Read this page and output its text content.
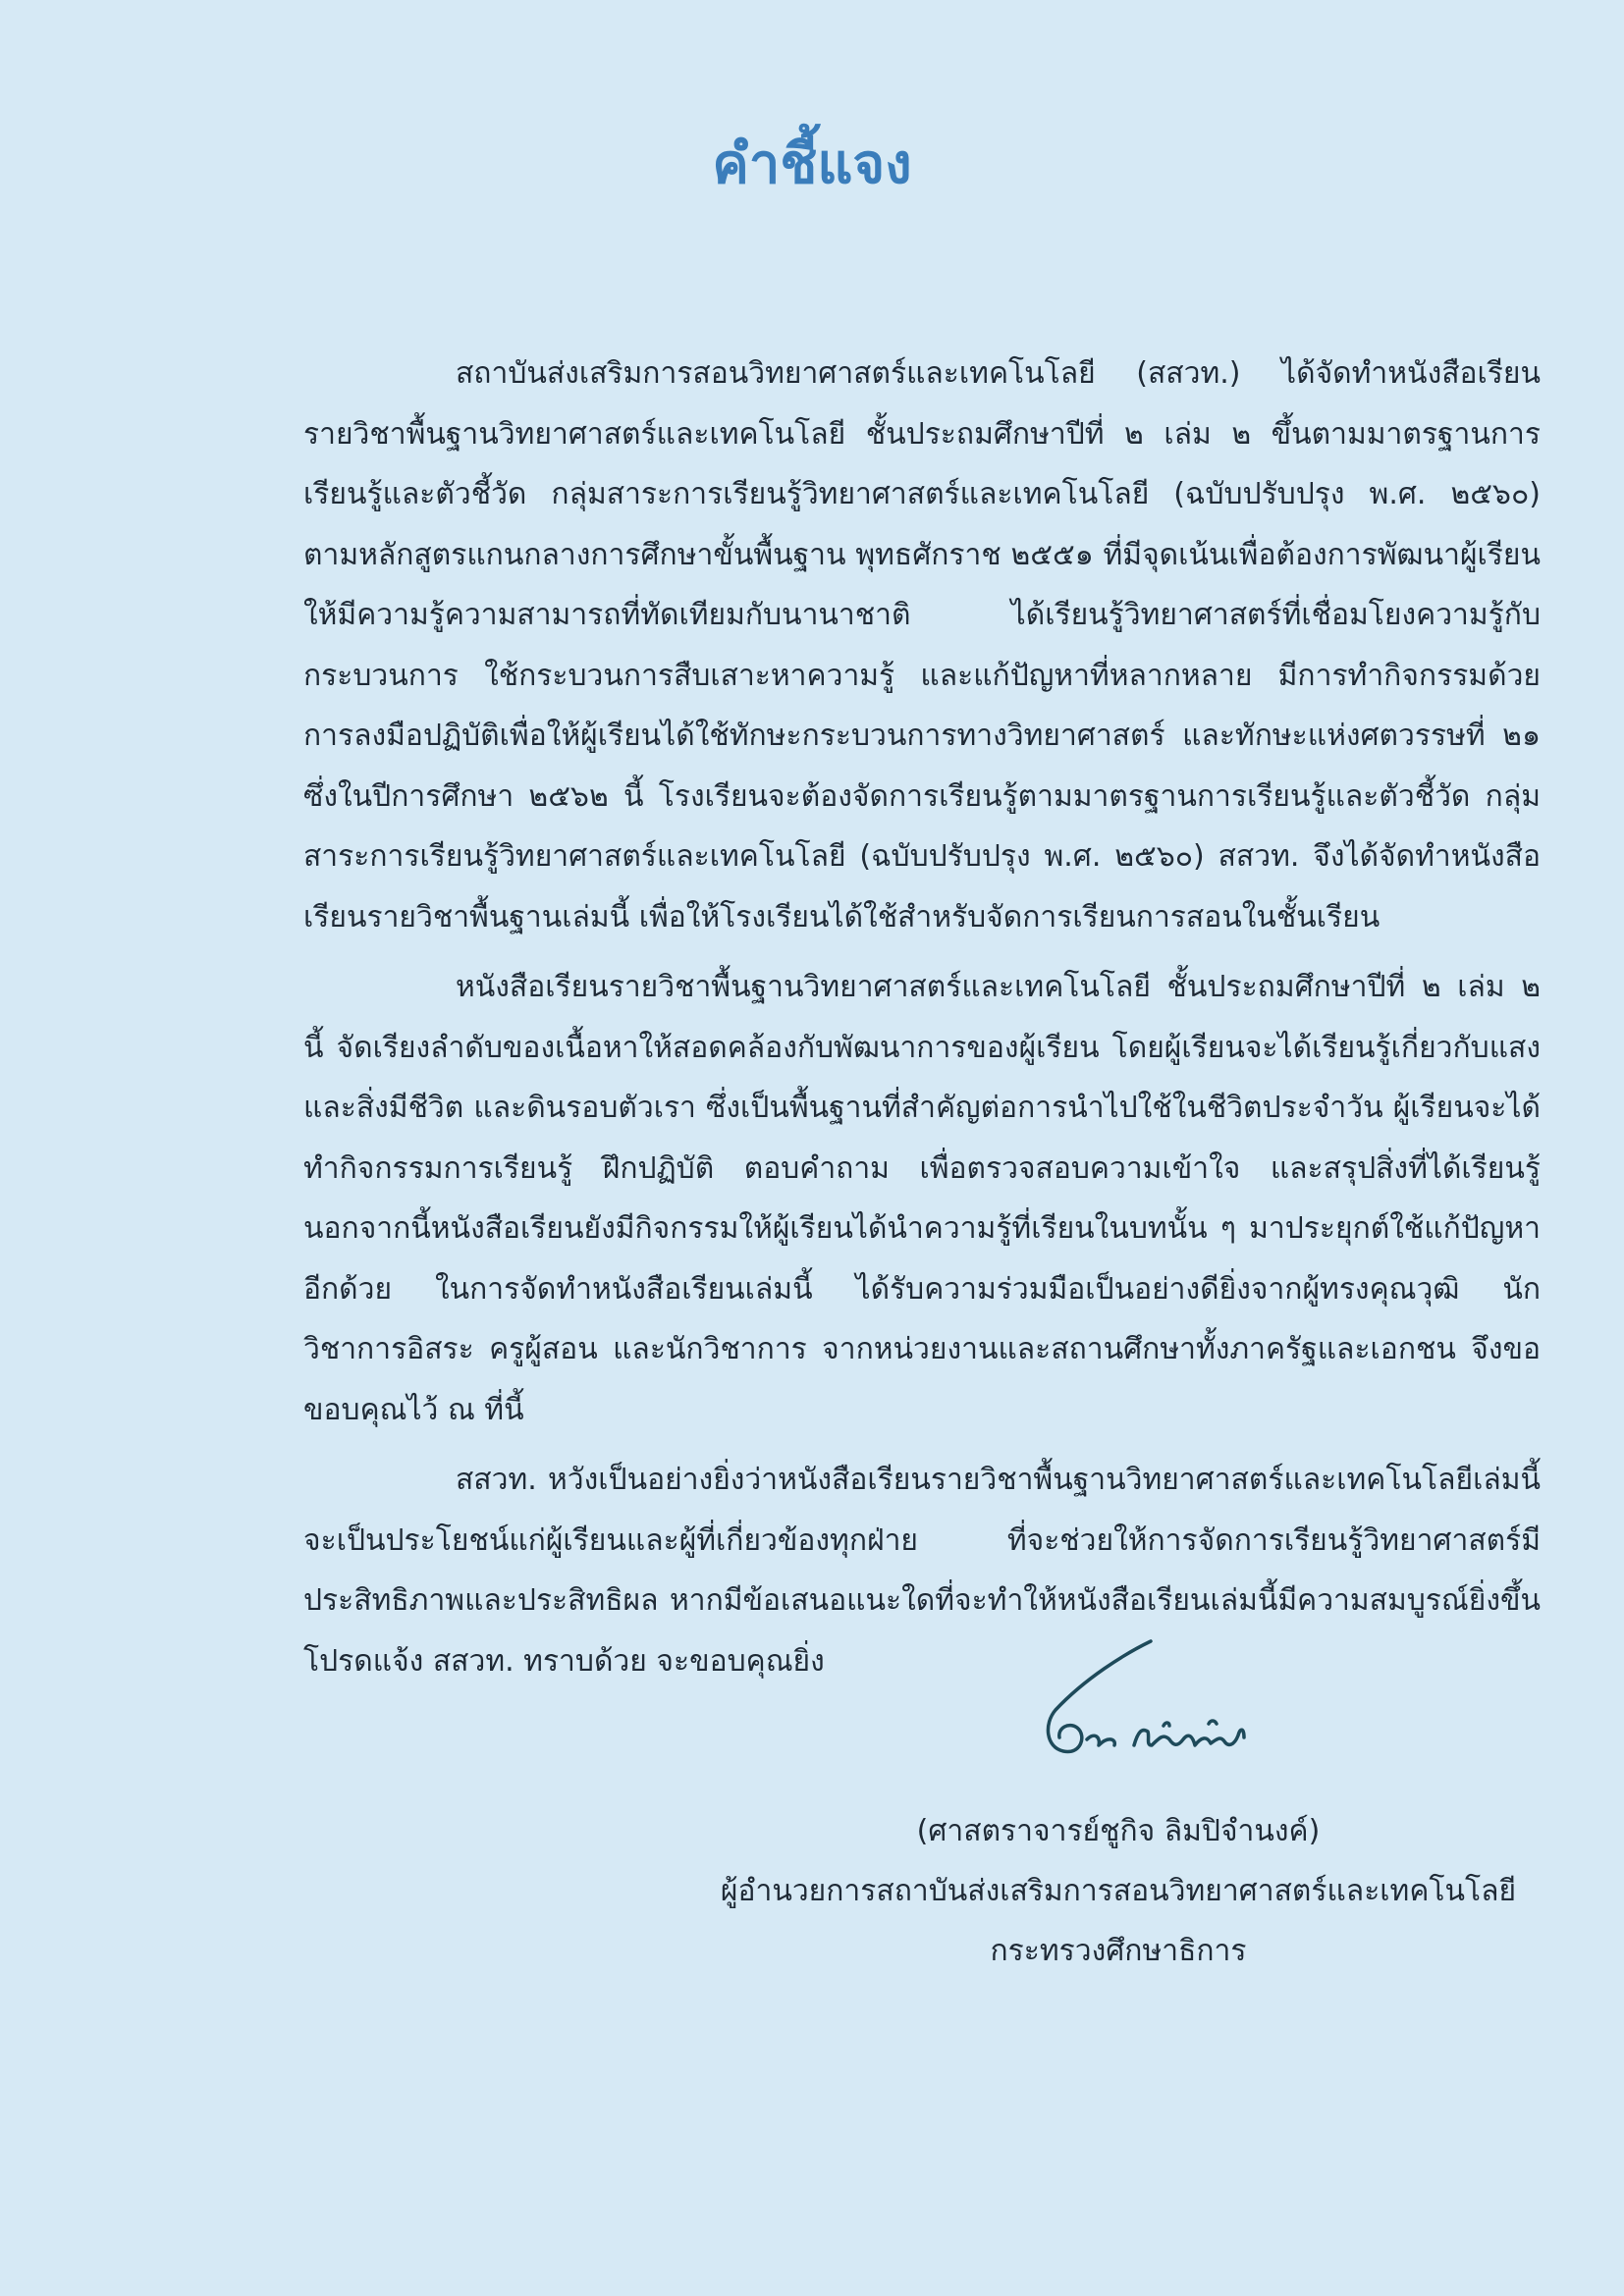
คำชี้แจง

สถาบันส่งเสริมการสอนวิทยาศาสตร์และเทคโนโลยี (สสวท.) ได้จัดทำหนังสือเรียนรายวิชาพื้นฐานวิทยาศาสตร์และเทคโนโลยี ชั้นประถมศึกษาปีที่ ๒ เล่ม ๒ ขึ้นตามมาตรฐานการเรียนรู้และตัวชี้วัด กลุ่มสาระการเรียนรู้วิทยาศาสตร์และเทคโนโลยี (ฉบับปรับปรุง พ.ศ. ๒๕๖๐) ตามหลักสูตรแกนกลางการศึกษาขั้นพื้นฐาน พุทธศักราช ๒๕๕๑ ที่มีจุดเน้นเพื่อต้องการพัฒนาผู้เรียนให้มีความรู้ความสามารถที่ทัดเทียมกับนานาชาติ ได้เรียนรู้วิทยาศาสตร์ที่เชื่อมโยงความรู้กับกระบวนการ ใช้กระบวนการสืบเสาะหาความรู้ และแก้ปัญหาที่หลากหลาย มีการทำกิจกรรมด้วยการลงมือปฏิบัติเพื่อให้ผู้เรียนได้ใช้ทักษะกระบวนการทางวิทยาศาสตร์ และทักษะแห่งศตวรรษที่ ๒๑ ซึ่งในปีการศึกษา ๒๕๖๒ นี้ โรงเรียนจะต้องจัดการเรียนรู้ตามมาตรฐานการเรียนรู้และตัวชี้วัด กลุ่มสาระการเรียนรู้วิทยาศาสตร์และเทคโนโลยี (ฉบับปรับปรุง พ.ศ. ๒๕๖๐) สสวท. จึงได้จัดทำหนังสือเรียนรายวิชาพื้นฐานเล่มนี้ เพื่อให้โรงเรียนได้ใช้สำหรับจัดการเรียนการสอนในชั้นเรียน

หนังสือเรียนรายวิชาพื้นฐานวิทยาศาสตร์และเทคโนโลยี ชั้นประถมศึกษาปีที่ ๒ เล่ม ๒ นี้ จัดเรียงลำดับของเนื้อหาให้สอดคล้องกับพัฒนาการของผู้เรียน โดยผู้เรียนจะได้เรียนรู้เกี่ยวกับแสงและสิ่งมีชีวิต และดินรอบตัวเรา ซึ่งเป็นพื้นฐานที่สำคัญต่อการนำไปใช้ในชีวิตประจำวัน ผู้เรียนจะได้ทำกิจกรรมการเรียนรู้ ฝึกปฏิบัติ ตอบคำถาม เพื่อตรวจสอบความเข้าใจ และสรุปสิ่งที่ได้เรียนรู้ นอกจากนี้หนังสือเรียนยังมีกิจกรรมให้ผู้เรียนได้นำความรู้ที่เรียนในบทนั้น ๆ มาประยุกต์ใช้แก้ปัญหาอีกด้วย ในการจัดทำหนังสือเรียนเล่มนี้ ได้รับความร่วมมือเป็นอย่างดียิ่งจากผู้ทรงคุณวุฒิ นักวิชาการอิสระ ครูผู้สอน และนักวิชาการ จากหน่วยงานและสถานศึกษาทั้งภาครัฐและเอกชน จึงขอขอบคุณไว้ ณ ที่นี้

สสวท. หวังเป็นอย่างยิ่งว่าหนังสือเรียนรายวิชาพื้นฐานวิทยาศาสตร์และเทคโนโลยีเล่มนี้จะเป็นประโยชน์แก่ผู้เรียนและผู้ที่เกี่ยวข้องทุกฝ่าย ที่จะช่วยให้การจัดการเรียนรู้วิทยาศาสตร์มีประสิทธิภาพและประสิทธิผล หากมีข้อเสนอแนะใดที่จะทำให้หนังสือเรียนเล่มนี้มีความสมบูรณ์ยิ่งขึ้น โปรดแจ้ง สสวท. ทราบด้วย จะขอบคุณยิ่ง

(ศาสตราจารย์ชูกิจ ลิมปิจำนงค์)
ผู้อำนวยการสถาบันส่งเสริมการสอนวิทยาศาสตร์และเทคโนโลยี
กระทรวงศึกษาธิการ
